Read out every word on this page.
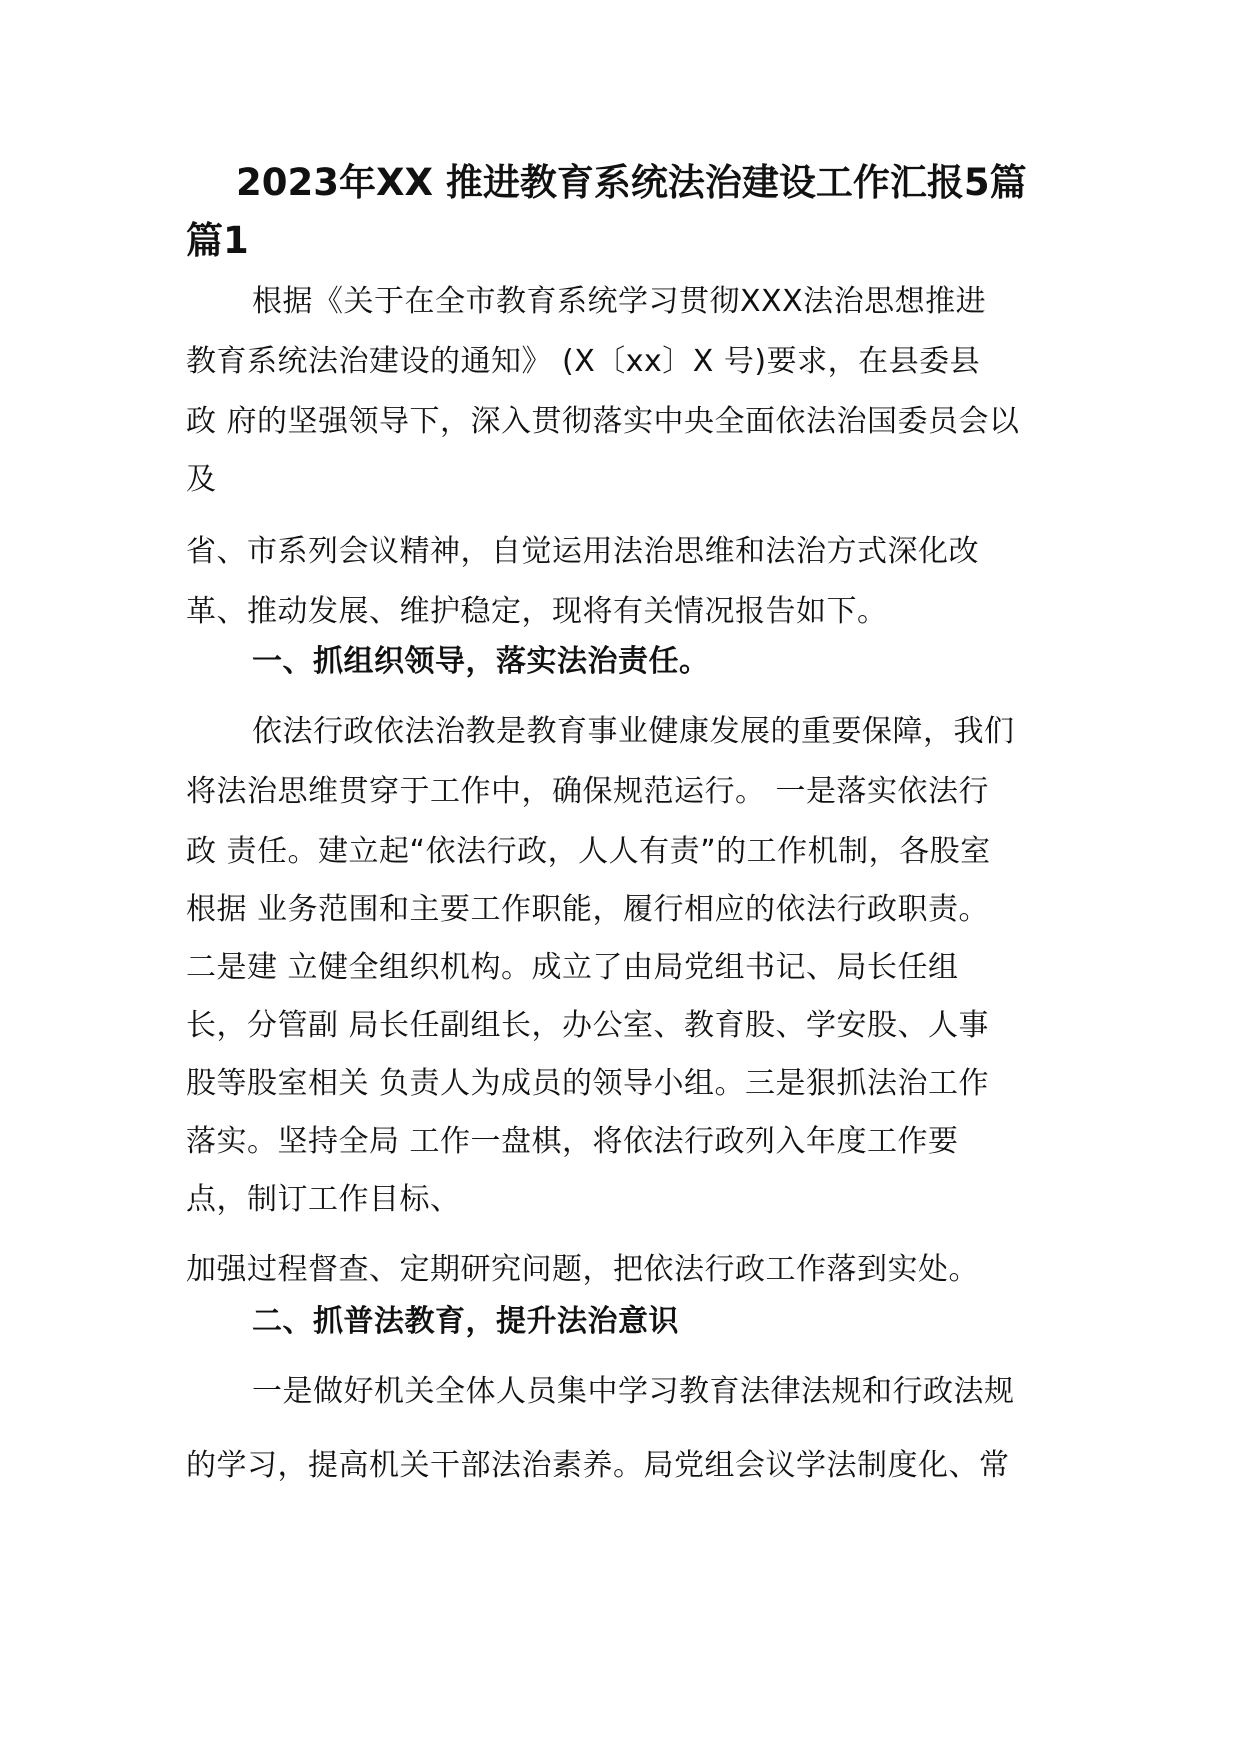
2023年XX 推进教育系统法治建设工作汇报5篇
篇1
根据《关于在全市教育系统学习贯彻XXX法治思想推进
教育系统法治建设的通知》 (X〔xx〕X 号)要求，在县委县
政 府的坚强领导下，深入贯彻落实中央全面依法治国委员会以
及
省、市系列会议精神，自觉运用法治思维和法治方式深化改
革、推动发展、维护稳定，现将有关情况报告如下。
一、抓组织领导，落实法治责任。
依法行政依法治教是教育事业健康发展的重要保障，我们
将法治思维贯穿于工作中，确保规范运行。 一是落实依法行
政 责任。建立起“依法行政，人人有责”的工作机制，各股室
根据 业务范围和主要工作职能，履行相应的依法行政职责。
二是建 立健全组织机构。成立了由局党组书记、局长任组
长，分管副 局长任副组长，办公室、教育股、学安股、人事
股等股室相关 负责人为成员的领导小组。三是狠抓法治工作
落实。坚持全局 工作一盘棋，将依法行政列入年度工作要
点，制订工作目标、
加强过程督查、定期研究问题，把依法行政工作落到实处。
二、抓普法教育，提升法治意识
一是做好机关全体人员集中学习教育法律法规和行政法规
的学习，提高机关干部法治素养。局党组会议学法制度化、常
